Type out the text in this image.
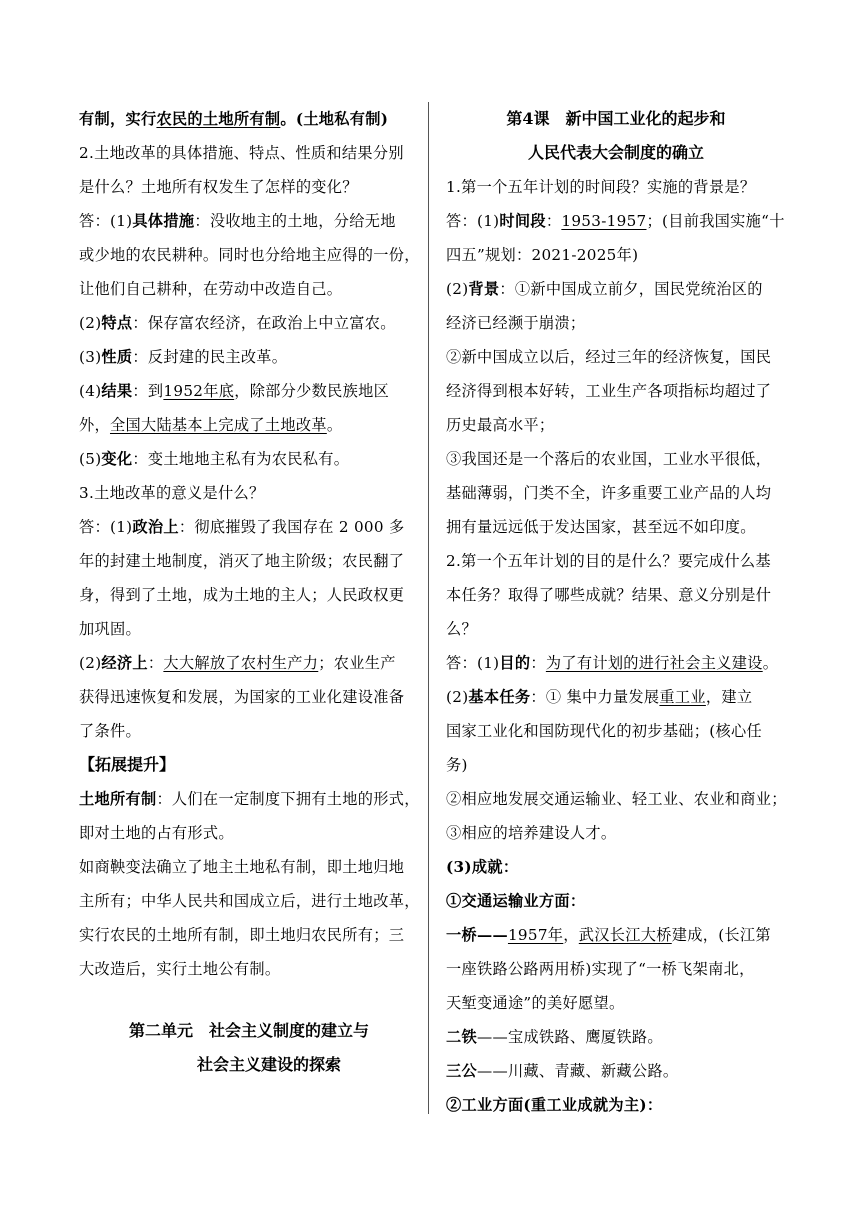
有制，实行农民的土地所有制。(土地私有制)
2.土地改革的具体措施、特点、性质和结果分别
是什么？土地所有权发生了怎样的变化？
答：(1)具体措施：没收地主的土地，分给无地
或少地的农民耕种。同时也分给地主应得的一份，
让他们自己耕种，在劳动中改造自己。
(2)特点：保存富农经济，在政治上中立富农。
(3)性质：反封建的民主改革。
(4)结果：到1952年底，除部分少数民族地区
外，全国大陆基本上完成了土地改革。
(5)变化：变土地地主私有为农民私有。
3.土地改革的意义是什么？
答：(1)政治上：彻底摧毁了我国存在 2 000 多
年的封建土地制度，消灭了地主阶级；农民翻了
身，得到了土地，成为土地的主人；人民政权更
加巩固。
(2)经济上：大大解放了农村生产力；农业生产
获得迅速恢复和发展，为国家的工业化建设准备
了条件。
【拓展提升】
土地所有制：人们在一定制度下拥有土地的形式，
即对土地的占有形式。
如商鞅变法确立了地主土地私有制，即土地归地
主所有；中华人民共和国成立后，进行土地改革，
实行农民的土地所有制，即土地归农民所有；三
大改造后，实行土地公有制。
第二单元　社会主义制度的建立与
社会主义建设的探索
第4课　新中国工业化的起步和
人民代表大会制度的确立
1.第一个五年计划的时间段？实施的背景是？
答：(1)时间段：1953-1957；(目前我国实施“十
四五”规划：2021-2025年)
(2)背景：①新中国成立前夕，国民党统治区的
经济已经濒于崩溃；
②新中国成立以后，经过三年的经济恢复，国民
经济得到根本好转，工业生产各项指标均超过了
历史最高水平；
③我国还是一个落后的农业国，工业水平很低，
基础薄弱，门类不全，许多重要工业产品的人均
拥有量远远低于发达国家，甚至远不如印度。
2.第一个五年计划的目的是什么？要完成什么基
本任务？取得了哪些成就？结果、意义分别是什
么？
答：(1)目的：为了有计划的进行社会主义建设。
(2)基本任务：① 集中力量发展重工业，建立
国家工业化和国防现代化的初步基础；(核心任
务)
②相应地发展交通运输业、轻工业、农业和商业；
③相应的培养建设人才。
(3)成就：
①交通运输业方面：
一桥——1957年，武汉长江大桥建成，(长江第
一座铁路公路两用桥)实现了“一桥飞架南北，
天堑变通途”的美好愿望。
二铁——宝成铁路、鹰厦铁路。
三公——川藏、青藏、新藏公路。
②工业方面(重工业成就为主)：
